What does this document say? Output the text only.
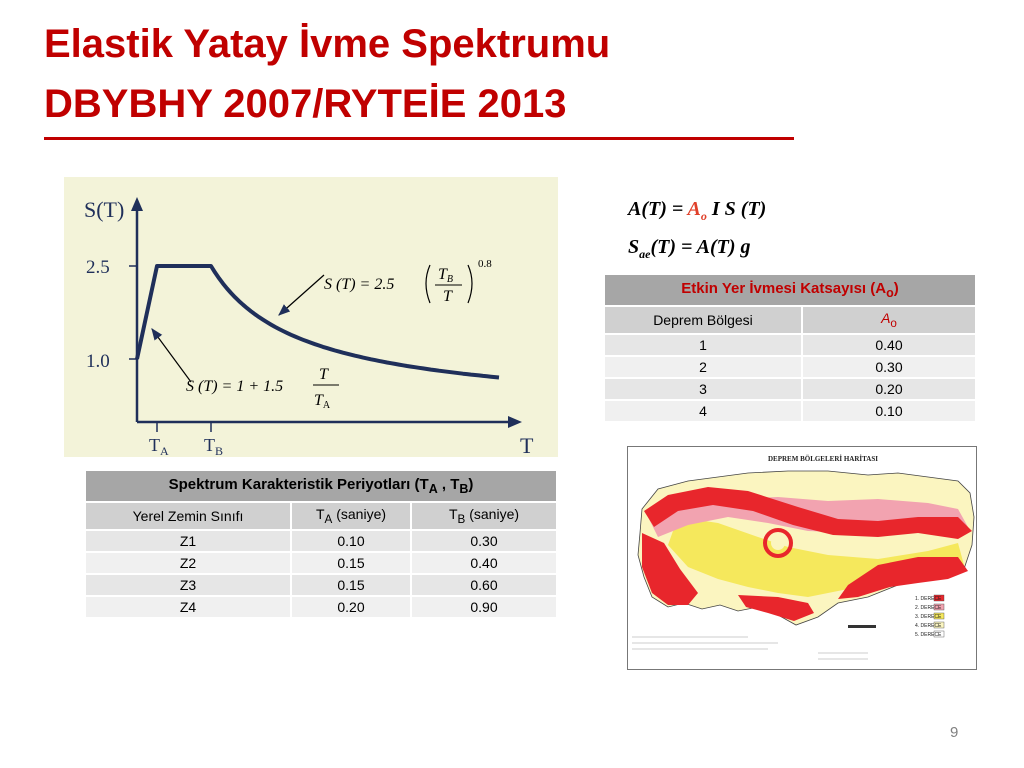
Elastik Yatay İvme Spektrumu
DBYBHY 2007/RYTEİE 2013
S(T)
T
2.5
1.0
$T_A$ $T_B$
S (T) = 2.5
TB
T
0.8
S (T) = 1 + 1.5
T
TA
$A(T) = A_o$ I S (T)
$S_{ae}(T) = A(T)$ g
Etkin Yer İvmesi Katsayısı $(A_o)$	
Deprem Bölgesi	$A_o$
1	0.40
2	0.30
3	0.20
4	0.10
Spektrum Karakteristik Periyotları ($T_A$ , $T_B$)		
Yerel Zemin Sınıfı	$T_A$ (saniye)	$T_B$ (saniye)
Z1	0.10	0.30
Z2	0.15	0.40
Z3	0.15	0.60
Z4	0.20	0.90
DEPREM BÖLGELERİ HARİTASI
1. DERECE
2. DERECE
3. DERECE
4. DERECE
5. DERECE
9
